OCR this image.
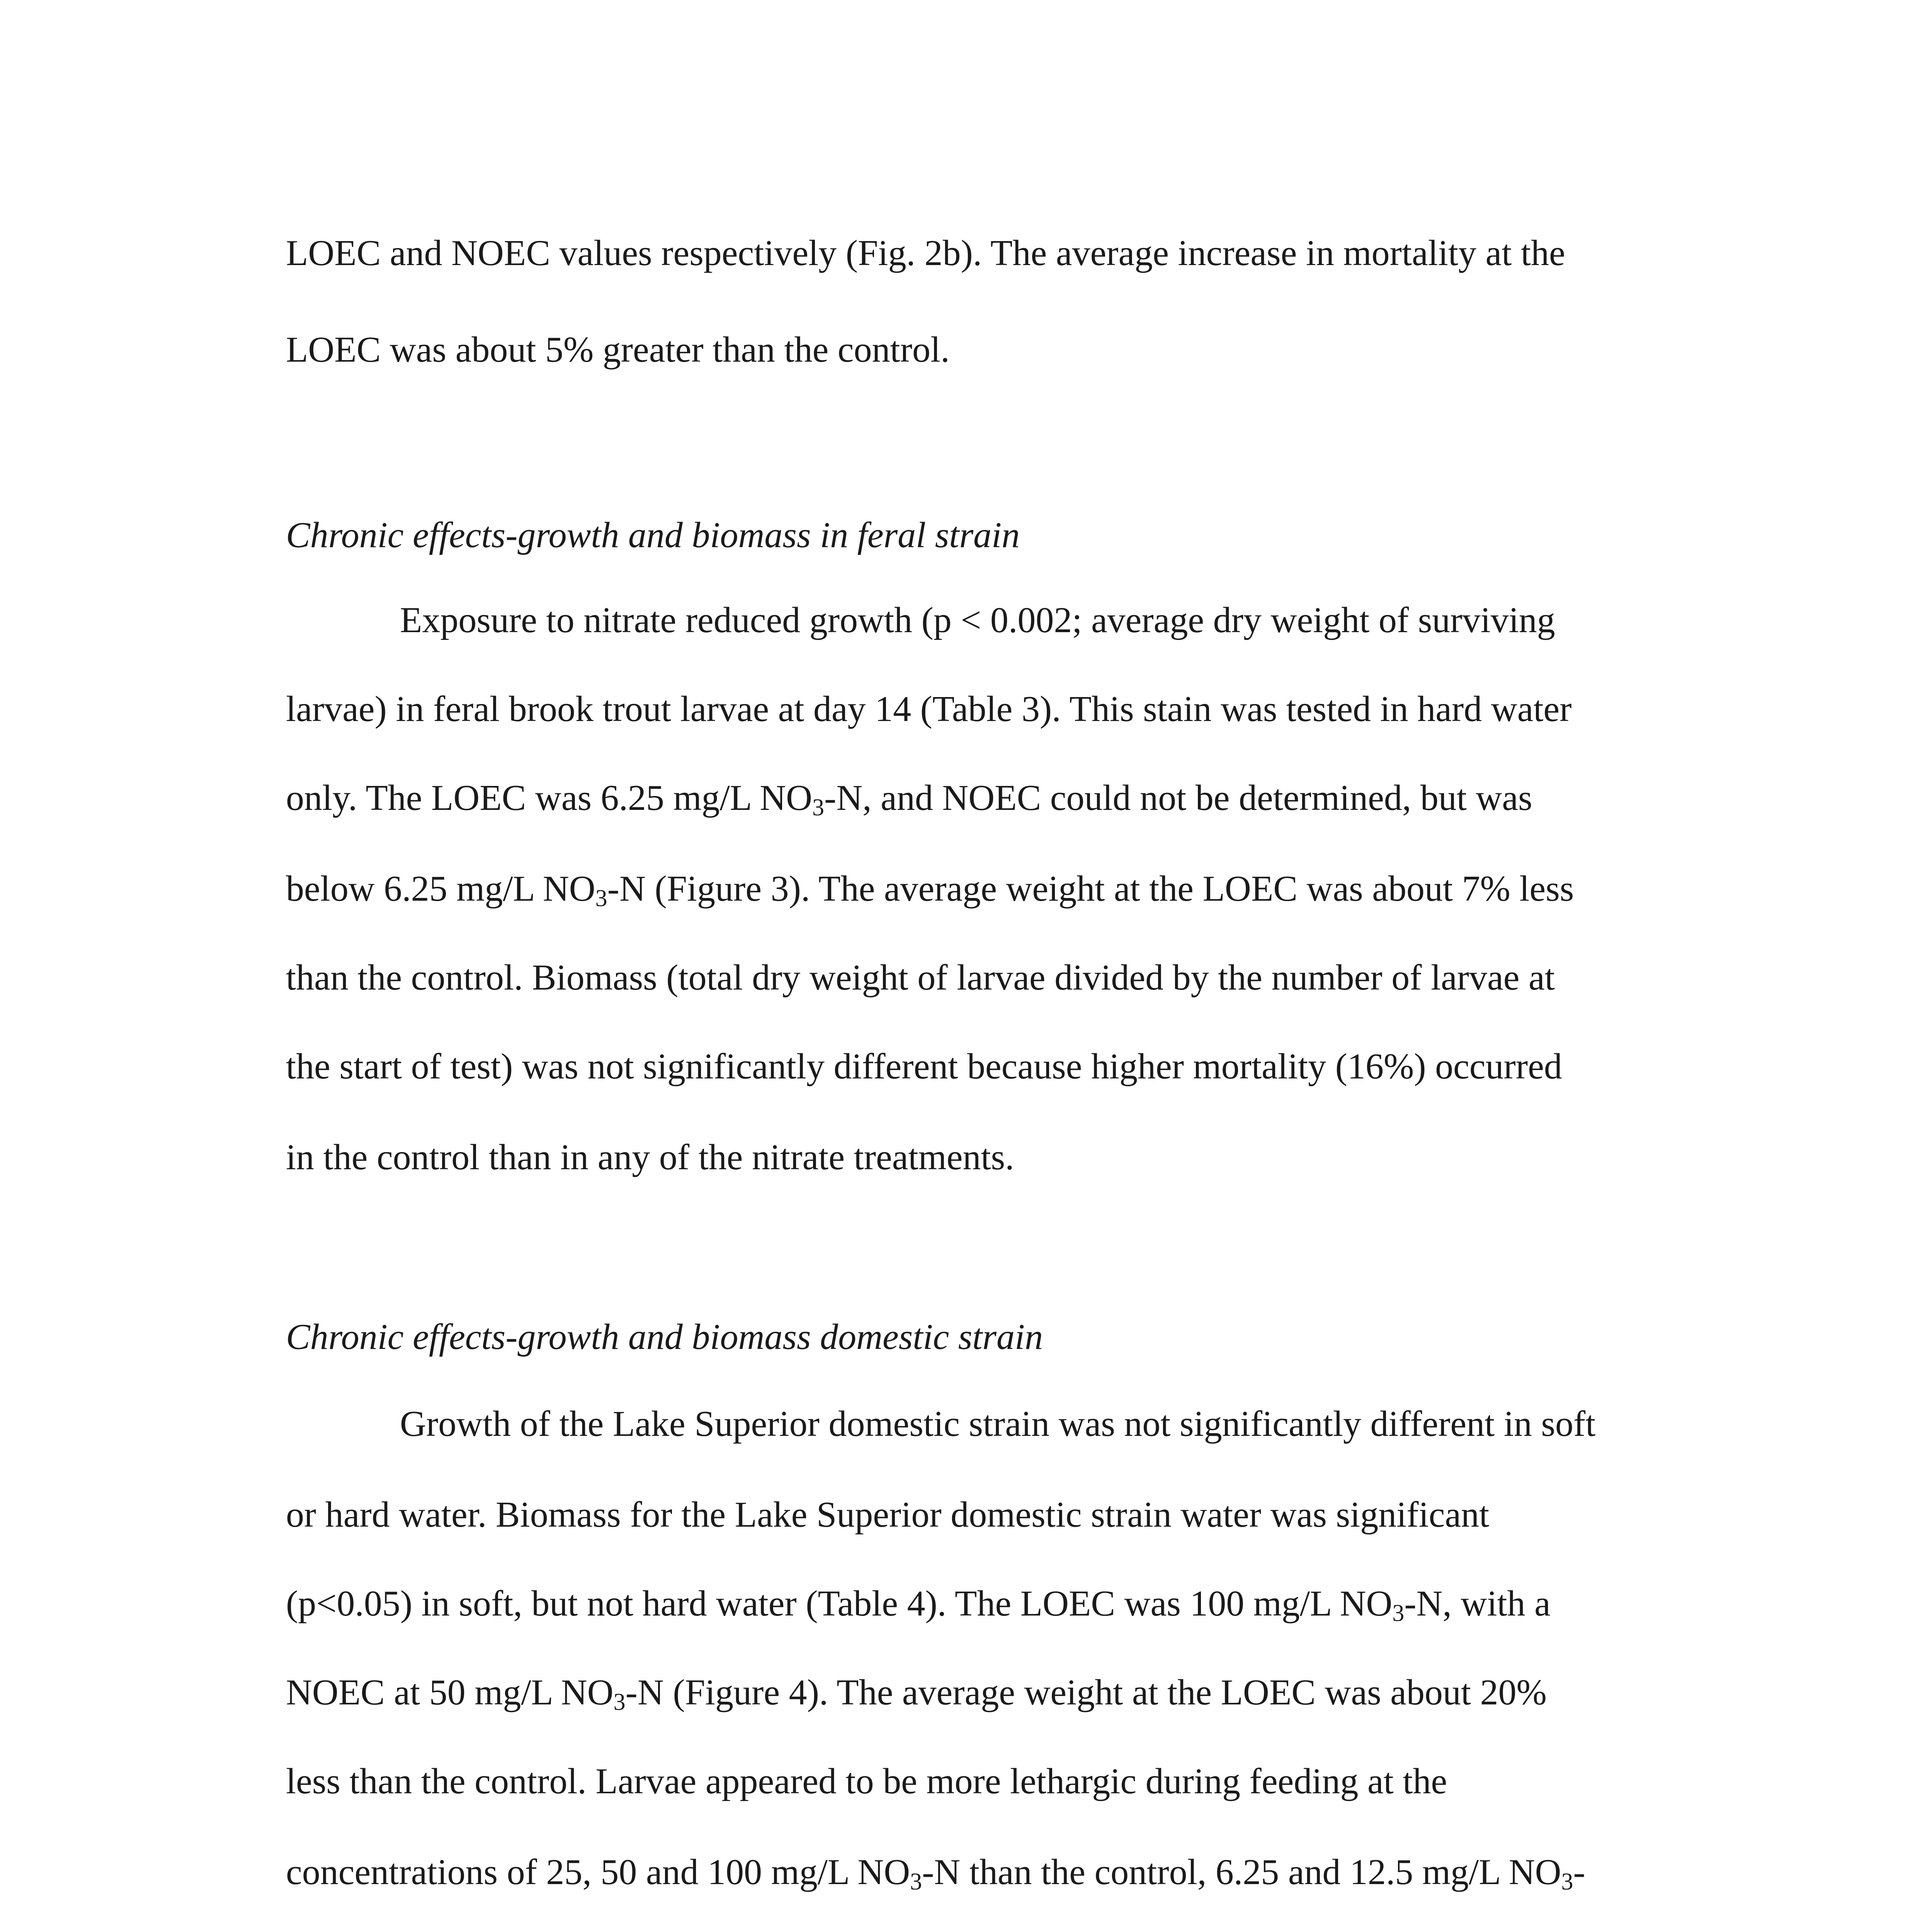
LOEC and NOEC values respectively (Fig. 2b). The average increase in mortality at the

LOEC was about 5% greater than the control.

Chronic effects-growth and biomass in feral strain

Exposure to nitrate reduced growth (p < 0.002; average dry weight of surviving

larvae) in feral brook trout larvae at day 14 (Table 3). This stain was tested in hard water

only. The LOEC was 6.25 mg/L $NO_3-N$, and NOEC could not be determined, but was

below 6.25 mg/L $NO_3-N$ (Figure 3). The average weight at the LOEC was about 7% less

than the control. Biomass (total dry weight of larvae divided by the number of larvae at

the start of test) was not significantly different because higher mortality (16%) occurred

in the control than in any of the nitrate treatments.

Chronic effects-growth and biomass domestic strain

Growth of the Lake Superior domestic strain was not significantly different in soft

or hard water. Biomass for the Lake Superior domestic strain water was significant

(p<0.05) in soft, but not hard water (Table 4). The LOEC was 100 mg/L $NO_3-N$, with a

NOEC at 50 mg/L $NO_3-N$ (Figure 4). The average weight at the LOEC was about 20%

less than the control. Larvae appeared to be more lethargic during feeding at the

concentrations of 25, 50 and 100 mg/L $NO_3-N$ than the control, 6.25 and 12.5 mg/L $NO_3-$
